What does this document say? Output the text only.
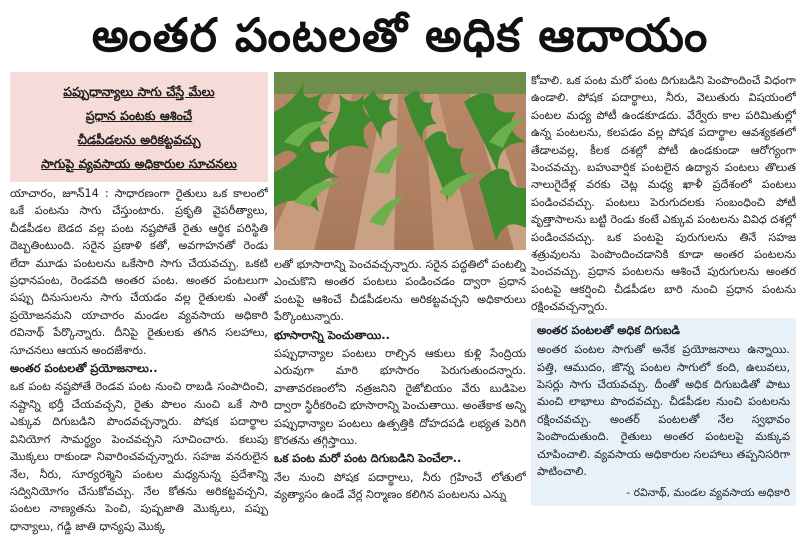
అంతర పంటలతో అధిక ఆదాయం
పప్పుధాన్యాలు సాగు చేస్తే మేలు
ప్రధాన పంటకు ఆశించే
చీడపీడలను అరికట్టవచ్చు
సాగుపై వ్యవసాయ అధికారుల సూచనలు

యాచారం, జూన్14 : సాధారణంగా రైతులు ఒక కాలంలో ఒకే పంటను సాగు చేస్తుంటారు. ప్రకృతి వైపరీత్యాలు, చీడపీడల బెడద వల్ల పంట నష్టపోతే రైతు ఆర్థిక పరిస్థితి దెబ్బతింటుంది. సరైన ప్రణాళి కతో, అవగాహనతో రెండు లేదా మూడు పంటలను ఒకేసారి సాగు చేయవచ్చు. ఒకటి ప్రధానపంట, రెండవది అంతర పంట. అంతర పంటలుగా పప్పు దినుసులను సాగు చేయడం వల్ల రైతులకు ఎంతో ప్రయోజనమని యాచారం మండల వ్యవసాయ అధికారి రవినాథ్ పేర్కొన్నారు. దీనిపై రైతులకు తగిన సలహాలు, సూచనలు ఆయన అందజేశారు.

అంతర పంటలతో ప్రయోజనాలు..

ఒక పంట నష్టపోతే రెండవ పంట నుంచి రాబడి సంపాదించి, నష్టాన్ని భర్తీ చేయవచ్చని, రైతు పొలం నుంచి ఒకే సారి ఎక్కువ దిగుబడిని పొందవచ్చన్నారు. పోషక పదార్థాల వినియోగ సామర్థ్యం పెంచవచ్చని సూచించారు. కలుపు మొక్కలు రాకుండా నివారించవచ్చన్నారు. సహజ వనరులైన నేల, నీరు, సూర్యరశ్మిని పంటల మధ్యనున్న ప్రదేశాన్ని సద్వినియోగం చేసుకోవచ్చు. నేల కోతను అరికట్టవచ్చని, పంటల నాణ్యతను పెంచి, పుష్పజాతి మొక్కలు, పప్పు ధాన్యాలు, గడ్డి జాతి ధాన్యపు మొక్క

లతో భూసారాన్ని పెంచవచ్చన్నారు. సరైన పద్ధతిలో పంటల్ని ఎంచుకొని అంతర పంటలు పండించడం ద్వారా ప్రధాన పంటపై ఆశించే చీడపీడలను అరికట్టవచ్చని అధికారులు పేర్కొంటున్నారు.

భూసారాన్ని పెంచుతాయి..

పప్పుధాన్యాల పంటలు రాల్చిన ఆకులు కుళ్లి సేంద్రియ ఎరువుగా మారి భూసారం పెరుగుతుందన్నారు. వాతావరణంలోని నత్రజనిని రైజోబియం వేరు బుడిపెల ద్వారా స్థిరీకరించి భూసారాన్ని పెంచుతాయి. అంతేకాక అన్ని పప్పుధాన్యాల పంటలు ఉత్పత్తికి దోహదపడి లభ్యత పెరిగి కొరతను తగ్గిస్తాయి.

ఒక పంట మరో పంట దిగుబడిని పెంచేలా..

నేల నుంచి పోషక పదార్థాలు, నీరు గ్రహించే లోతులో వ్యత్యాసం ఉండే వేర్ల నిర్మాణం కలిగిన పంటలను ఎన్ను

కోవాలి. ఒక పంట మరో పంట దిగుబడిని పెంపొందించే విధంగా ఉండాలి. పోషక పదార్థాలు, నీరు, వెలుతురు విషయంలో పంటల మధ్య పోటీ ఉండకూడదు. వేర్వేరు కాల పరిమితుల్లో ఉన్న పంటలను, కలపడం వల్ల పోషక పదార్థాల ఆవశ్యకతలో తేడాలవల్ల, కీలక దశల్లో పోటీ ఉండకుండా ఆరోగ్యంగా పెంచవచ్చు. బహువార్షిక పంటలైన ఉద్యాన పంటలు తొలుత నాలుగైదేళ్ల వరకు చెట్ల మధ్య ఖాళీ ప్రదేశంలో పంటలు పండించవచ్చు. పంటలు పెరుగుదలకు సంబంధించి పోటీ వృత్తాసాలను బట్టి రెండు కంటే ఎక్కువ పంటలను వివిధ దశల్లో పండించవచ్చు. ఒక పంటపై పురుగులను తినే సహజ శత్రువులను పెంపొందించడానికి కూడా అంతర పంటలను పెంచవచ్చు. ప్రధాన పంటలను ఆశించే పురుగులను అంతర పంటపై ఆకర్షించి చీడపీడల బారి నుంచి ప్రధాన పంటను రక్షించవచ్చన్నారు.

అంతర పంటలతో అధిక దిగుబడి

అంతర పంటల సాగుతో అనేక ప్రయోజనాలు ఉన్నాయి. పత్తి, ఆముదం, జొన్న పంటల సాగులో కంది, ఉలువలు, పెసర్లు సాగు చేయవచ్చు. దీంతో అధిక దిగుబడితో పాటు మంచి లాభాలు పొందవచ్చు. చీడపీడల నుంచి పంటలను రక్షించవచ్చు. అంతర్ పంటలతో నేల స్వభావం పెంపొందుతుంది. రైతులు అంతర పంటలపై మక్కువ చూపించాలి. వ్యవసాయ అధికారుల సలహాలు తప్పనిసరిగా పాటించాలి.

- రవినాథ్, మండల వ్యవసాయ అధికారి
